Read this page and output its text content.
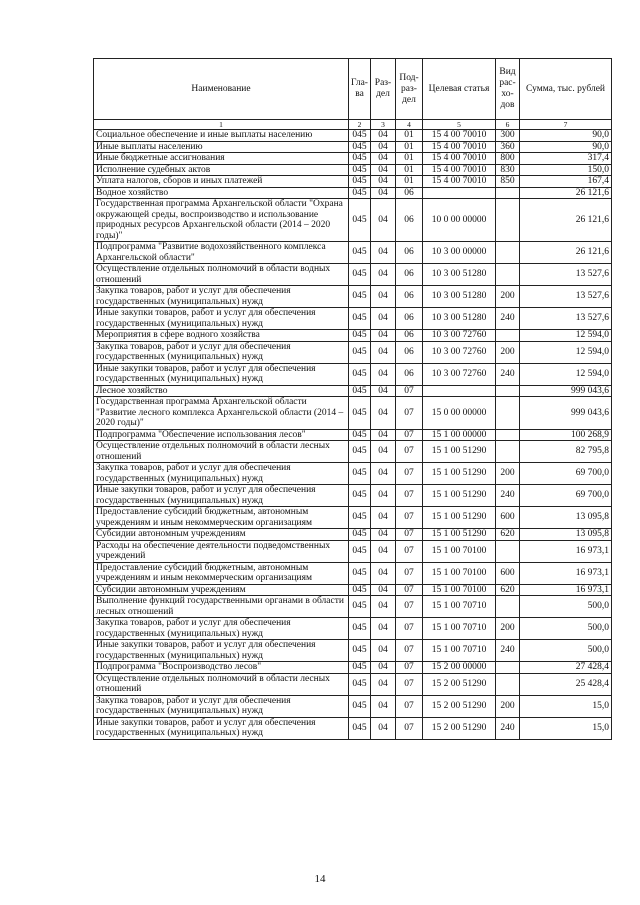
Наименование	Гла-ва	Раз-дел	Под-раз-дел	Целевая статья	Вид рас-хо-дов	Сумма, тыс. рублей
1	2	3	4	5	6	7
Социальное обеспечение и иные выплаты населению	045	04	01	15 4 00 70010	300	90,0
Иные выплаты населению	045	04	01	15 4 00 70010	360	90,0
Иные бюджетные ассигнования	045	04	01	15 4 00 70010	800	317,4
Исполнение судебных актов	045	04	01	15 4 00 70010	830	150,0
Уплата налогов, сборов и иных платежей	045	04	01	15 4 00 70010	850	167,4
Водное хозяйство	045	04	06			26 121,6
Государственная программа Архангельской области "Охрана окружающей среды, воспроизводство и использование природных ресурсов Архангельской области (2014 – 2020 годы)"	045	04	06	10 0 00 00000		26 121,6
Подпрограмма "Развитие водохозяйственного комплекса Архангельской области"	045	04	06	10 3 00 00000		26 121,6
Осуществление отдельных полномочий в области водных отношений	045	04	06	10 3 00 51280		13 527,6
Закупка товаров, работ и услуг для обеспечения государственных (муниципальных) нужд	045	04	06	10 3 00 51280	200	13 527,6
Иные закупки товаров, работ и услуг для обеспечения государственных (муниципальных) нужд	045	04	06	10 3 00 51280	240	13 527,6
Мероприятия в сфере водного хозяйства	045	04	06	10 3 00 72760		12 594,0
Закупка товаров, работ и услуг для обеспечения государственных (муниципальных) нужд	045	04	06	10 3 00 72760	200	12 594,0
Иные закупки товаров, работ и услуг для обеспечения государственных (муниципальных) нужд	045	04	06	10 3 00 72760	240	12 594,0
Лесное хозяйство	045	04	07			999 043,6
Государственная программа Архангельской области "Развитие лесного комплекса Архангельской области (2014 – 2020 годы)"	045	04	07	15 0 00 00000		999 043,6
Подпрограмма "Обеспечение использования лесов"	045	04	07	15 1 00 00000		100 268,9
Осуществление отдельных полномочий в области лесных отношений	045	04	07	15 1 00 51290		82 795,8
Закупка товаров, работ и услуг для обеспечения государственных (муниципальных) нужд	045	04	07	15 1 00 51290	200	69 700,0
Иные закупки товаров, работ и услуг для обеспечения государственных (муниципальных) нужд	045	04	07	15 1 00 51290	240	69 700,0
Предоставление субсидий бюджетным, автономным учреждениям и иным некоммерческим организациям	045	04	07	15 1 00 51290	600	13 095,8
Субсидии автономным учреждениям	045	04	07	15 1 00 51290	620	13 095,8
Расходы на обеспечение деятельности подведомственных учреждений	045	04	07	15 1 00 70100		16 973,1
Предоставление субсидий бюджетным, автономным учреждениям и иным некоммерческим организациям	045	04	07	15 1 00 70100	600	16 973,1
Субсидии автономным учреждениям	045	04	07	15 1 00 70100	620	16 973,1
Выполнение функций государственными органами в области лесных отношений	045	04	07	15 1 00 70710		500,0
Закупка товаров, работ и услуг для обеспечения государственных (муниципальных) нужд	045	04	07	15 1 00 70710	200	500,0
Иные закупки товаров, работ и услуг для обеспечения государственных (муниципальных) нужд	045	04	07	15 1 00 70710	240	500,0
Подпрограмма "Воспроизводство лесов"	045	04	07	15 2 00 00000		27 428,4
Осуществление отдельных полномочий в области лесных отношений	045	04	07	15 2 00 51290		25 428,4
Закупка товаров, работ и услуг для обеспечения государственных (муниципальных) нужд	045	04	07	15 2 00 51290	200	15,0
Иные закупки товаров, работ и услуг для обеспечения государственных (муниципальных) нужд	045	04	07	15 2 00 51290	240	15,0
14
